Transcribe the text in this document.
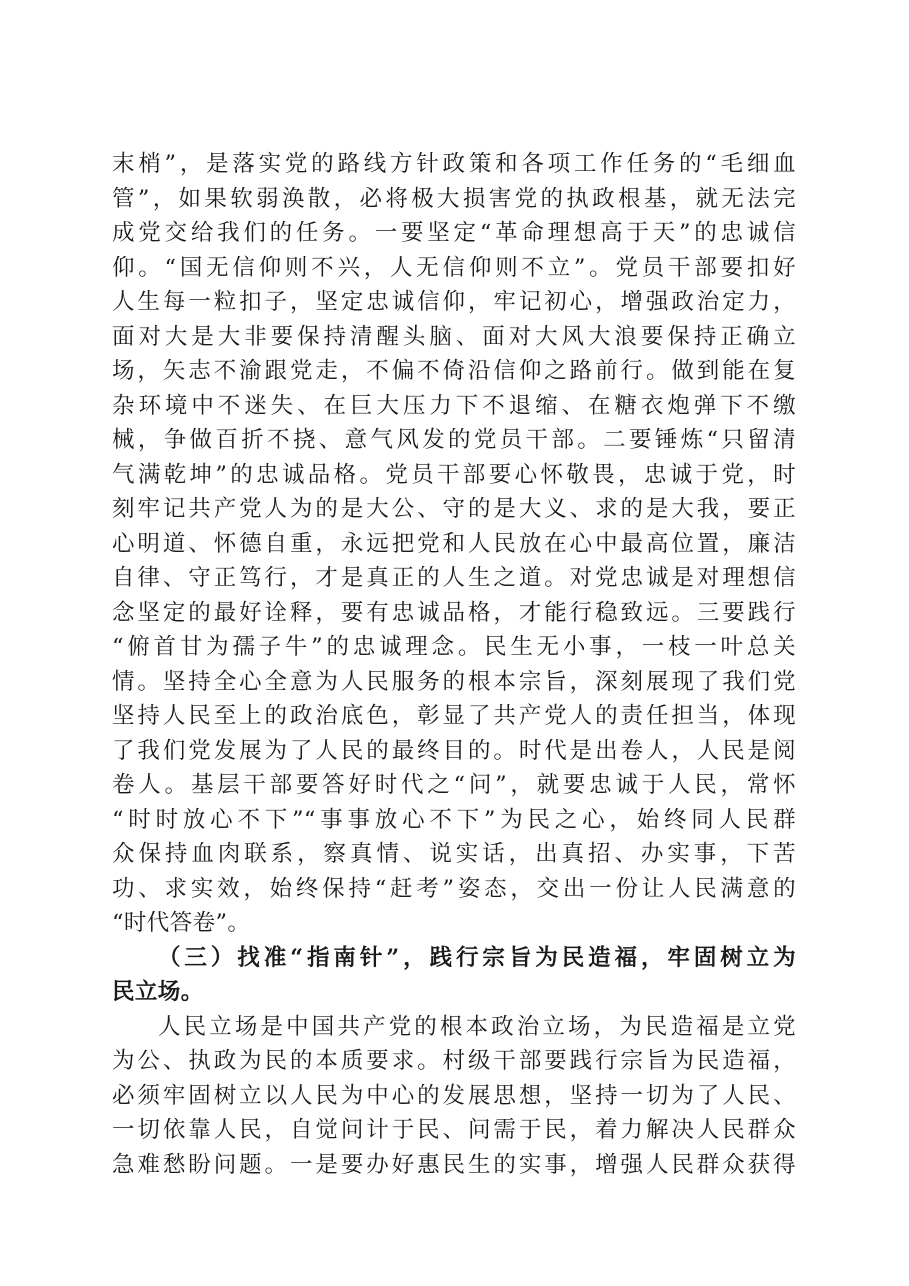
末梢”，是落实党的路线方针政策和各项工作任务的“毛细血
管”，如果软弱涣散，必将极大损害党的执政根基，就无法完
成党交给我们的任务。一要坚定“革命理想高于天”的忠诚信
仰。“国无信仰则不兴，人无信仰则不立”。党员干部要扣好
人生每一粒扣子，坚定忠诚信仰，牢记初心，增强政治定力，
面对大是大非要保持清醒头脑、面对大风大浪要保持正确立
场，矢志不渝跟党走，不偏不倚沿信仰之路前行。做到能在复
杂环境中不迷失、在巨大压力下不退缩、在糖衣炮弹下不缴
械，争做百折不挠、意气风发的党员干部。二要锤炼“只留清
气满乾坤”的忠诚品格。党员干部要心怀敬畏，忠诚于党，时
刻牢记共产党人为的是大公、守的是大义、求的是大我，要正
心明道、怀德自重，永远把党和人民放在心中最高位置，廉洁
自律、守正笃行，才是真正的人生之道。对党忠诚是对理想信
念坚定的最好诠释，要有忠诚品格，才能行稳致远。三要践行
“俯首甘为孺子牛”的忠诚理念。民生无小事，一枝一叶总关
情。坚持全心全意为人民服务的根本宗旨，深刻展现了我们党
坚持人民至上的政治底色，彰显了共产党人的责任担当，体现
了我们党发展为了人民的最终目的。时代是出卷人，人民是阅
卷人。基层干部要答好时代之“问”，就要忠诚于人民，常怀
“时时放心不下”“事事放心不下”为民之心，始终同人民群
众保持血肉联系，察真情、说实话，出真招、办实事，下苦
功、求实效，始终保持“赶考”姿态，交出一份让人民满意的
“时代答卷”。
（三）找准“指南针”，践行宗旨为民造福，牢固树立为
民立场。
人民立场是中国共产党的根本政治立场，为民造福是立党
为公、执政为民的本质要求。村级干部要践行宗旨为民造福，
必须牢固树立以人民为中心的发展思想，坚持一切为了人民、
一切依靠人民，自觉问计于民、问需于民，着力解决人民群众
急难愁盼问题。一是要办好惠民生的实事，增强人民群众获得
